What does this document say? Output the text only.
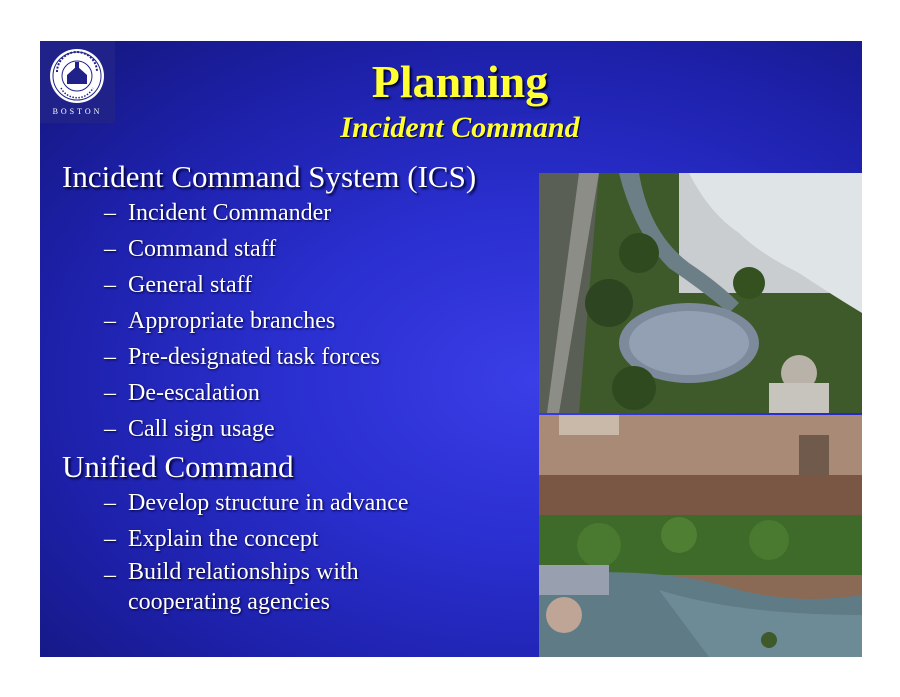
BOSTON
Planning
Incident Command

Incident Command System (ICS)

– Incident Commander
– Command staff
– General staff
– Appropriate branches
– Pre-designated task forces
– De-escalation
– Call sign usage

Unified Command

– Develop structure in advance
– Explain the concept
– Build relationships with cooperating agencies
